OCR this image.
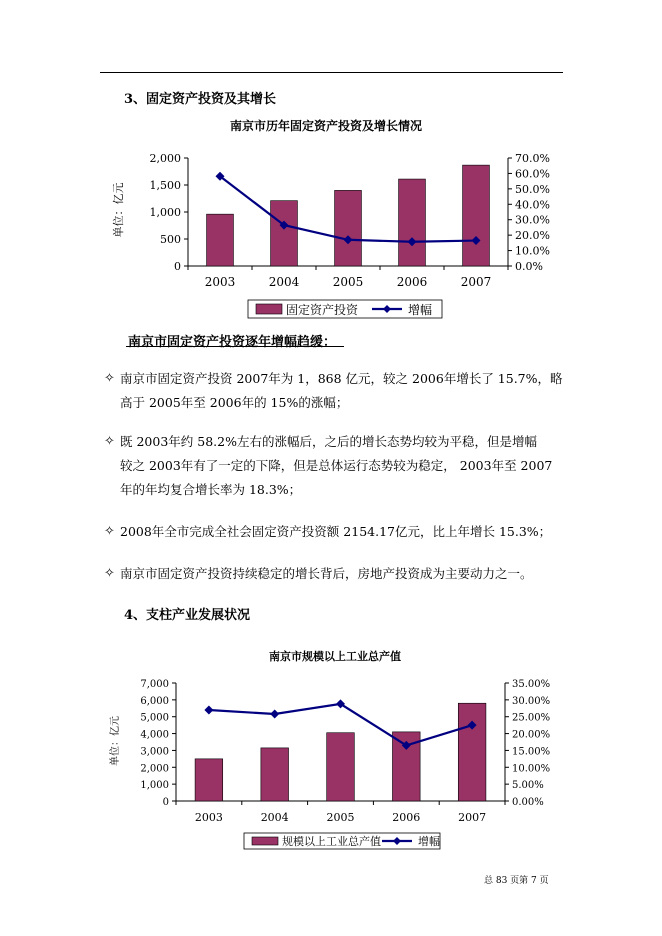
3、固定资产投资及其增长
南京市历年固定资产投资及增长情况
单位：亿元
0
500
1,000
1,500
2,000
0.0%
10.0%
20.0%
30.0%
40.0%
50.0%
60.0%
70.0%
2003	2004	2005	2006	2007
固定资产投资	增幅
南京市固定资产投资逐年增幅趋缓：
✧ 南京市固定资产投资 2007年为 1，868 亿元，较之 2006年增长了 15.7%，略
高于 2005年至 2006年的 15%的涨幅；
✧ 既 2003年约 58.2%左右的涨幅后，之后的增长态势均较为平稳，但是增幅
较之 2003年有了一定的下降，但是总体运行态势较为稳定， 2003年至 2007
年的年均复合增长率为 18.3%；
✧ 2008年全市完成全社会固定资产投资额 2154.17亿元，比上年增长 15.3%；
✧ 南京市固定资产投资持续稳定的增长背后，房地产投资成为主要动力之一。
4、支柱产业发展状况
南京市规模以上工业总产值
单位：亿元
0
1,000
2,000
3,000
4,000
5,000
6,000
7,000
0.00%
5.00%
10.00%
15.00%
20.00%
25.00%
30.00%
35.00%
2003	2004	2005	2006	2007
规模以上工业总产值	增幅
总 83 页第 7 页
